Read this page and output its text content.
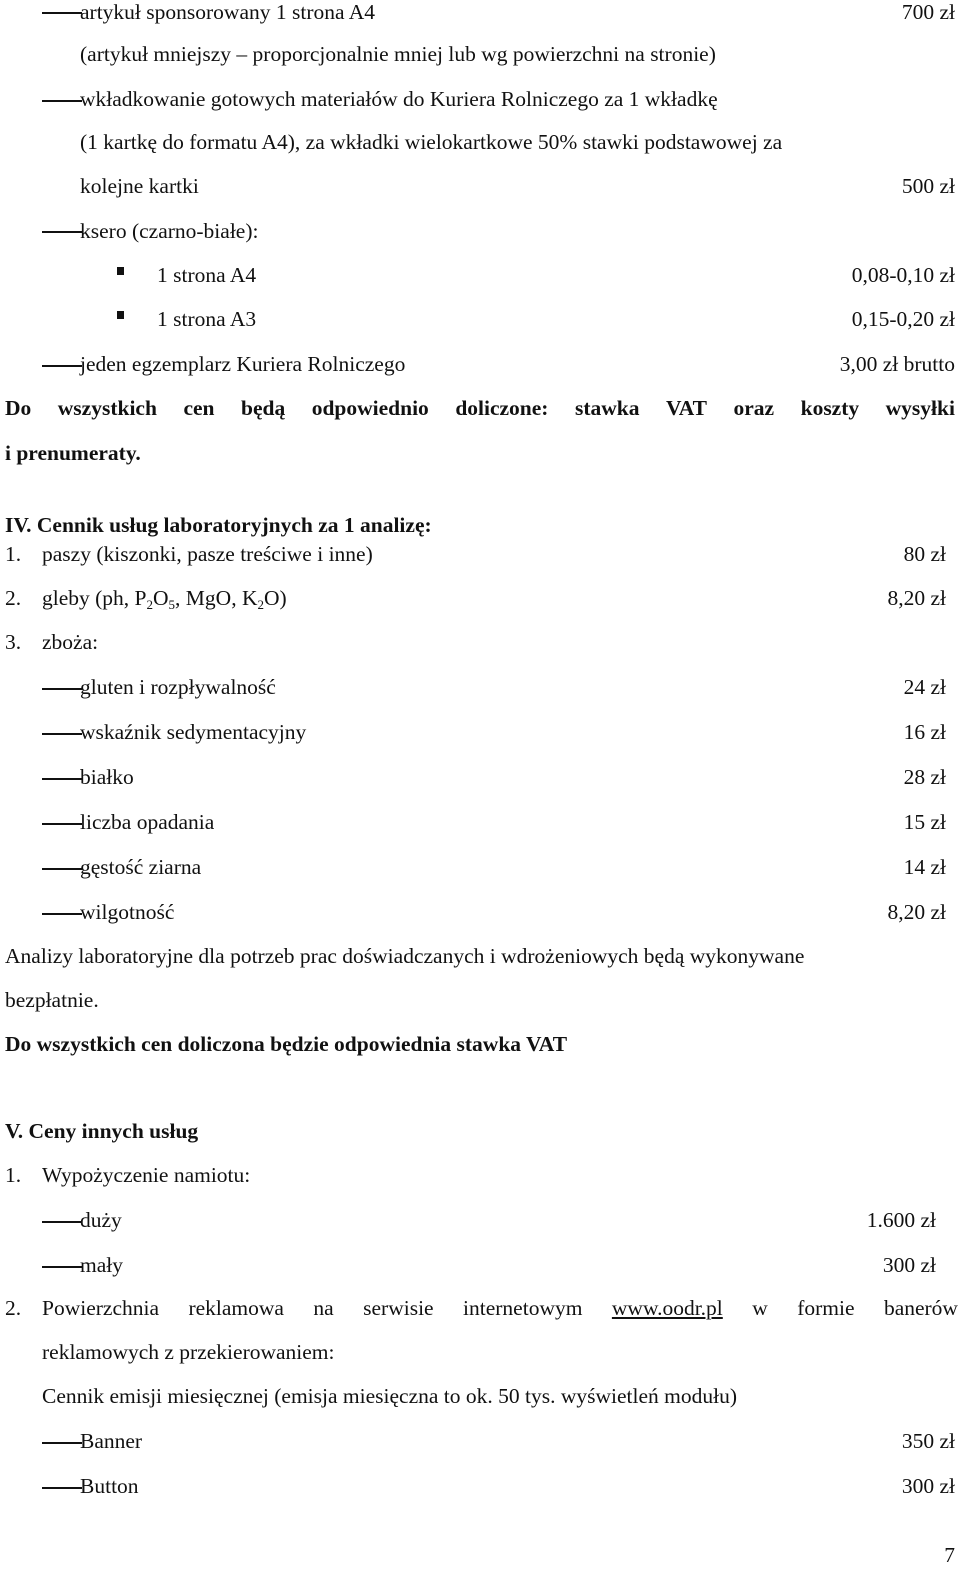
artykuł sponsorowany 1 strona A4	700 zł
(artykuł mniejszy – proporcjonalnie mniej lub wg powierzchni na stronie)
wkładkowanie gotowych materiałów do Kuriera Rolniczego za 1 wkładkę
(1 kartkę do formatu A4), za wkładki wielokartkowe 50% stawki podstawowej za
kolejne kartki	500 zł
ksero (czarno-białe):
1 strona A4	0,08-0,10 zł
1 strona A3	0,15-0,20 zł
jeden egzemplarz Kuriera Rolniczego	3,00 zł brutto
Do wszystkich cen będą odpowiednio doliczone: stawka VAT oraz koszty wysyłki
i prenumeraty.
IV. Cennik usług laboratoryjnych za 1 analizę:
1. paszy (kiszonki, pasze treściwe i inne)	80 zł
2. gleby (ph, $P_2O_5$, MgO, $K_2O$)	8,20 zł
3. zboża:
gluten i rozpływalność	24 zł
wskaźnik sedymentacyjny	16 zł
białko	28 zł
liczba opadania	15 zł
gęstość ziarna	14 zł
wilgotność	8,20 zł
Analizy laboratoryjne dla potrzeb prac doświadczanych i wdrożeniowych będą wykonywane
bezpłatnie.
Do wszystkich cen doliczona będzie odpowiednia stawka VAT
V. Ceny innych usług
1. Wypożyczenie namiotu:
duży	1.600 zł
mały	300 zł
2. Powierzchnia reklamowa na serwisie internetowym www.oodr.pl w formie banerów
reklamowych z przekierowaniem:
Cennik emisji miesięcznej (emisja miesięczna to ok. 50 tys. wyświetleń modułu)
Banner	350 zł
Button	300 zł
7
